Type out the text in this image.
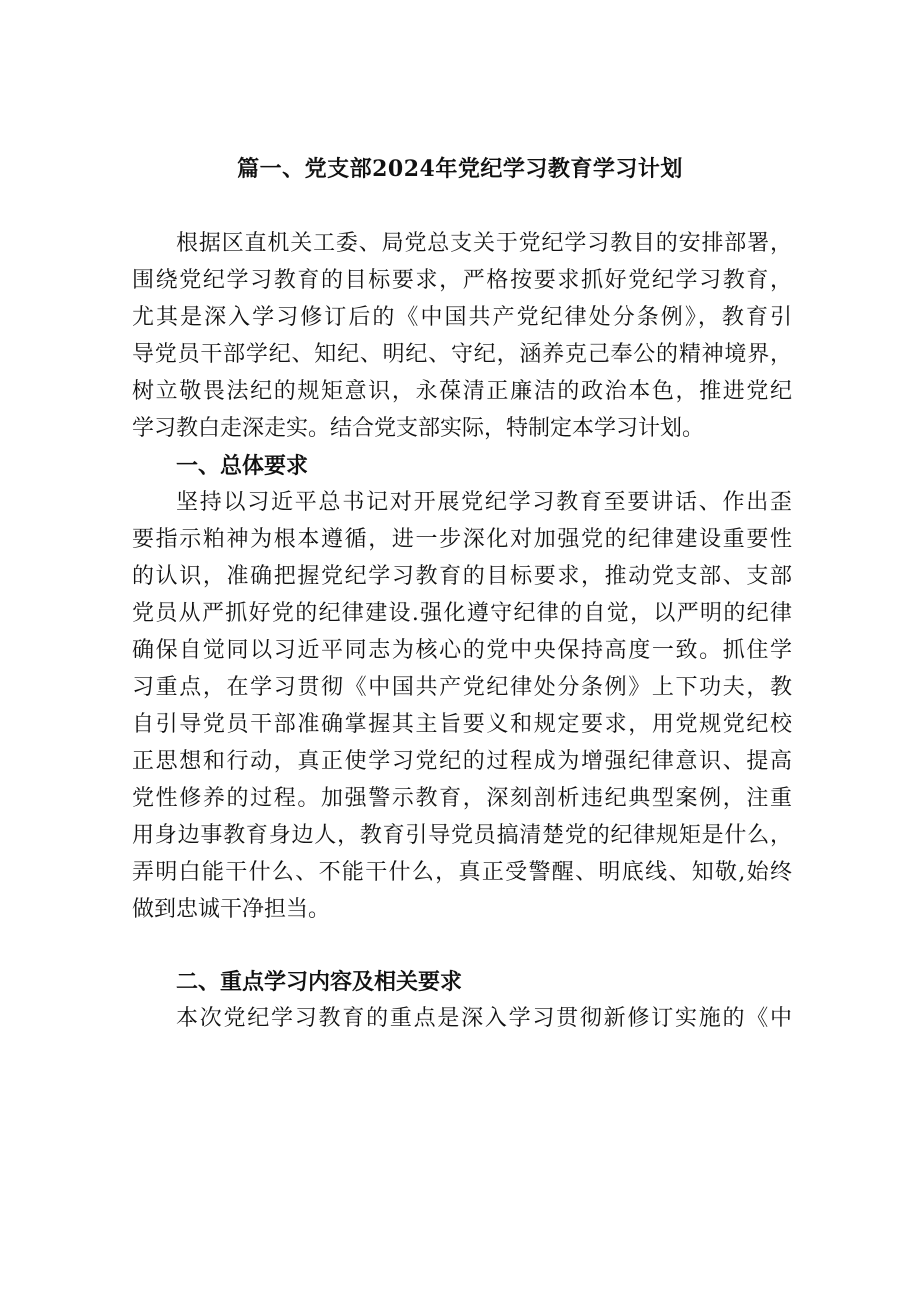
篇一、党支部2024年党纪学习教育学习计划
根据区直机关工委、局党总支关于党纪学习教目的安排部署，
围绕党纪学习教育的目标要求，严格按要求抓好党纪学习教育，
尤其是深入学习修订后的《中国共产党纪律处分条例》，教育引
导党员干部学纪、知纪、明纪、守纪，涵养克己奉公的精神境界，
树立敬畏法纪的规矩意识，永葆清正廉洁的政治本色，推进党纪
学习教白走深走实。结合党支部实际，特制定本学习计划。
一、总体要求
坚持以习近平总书记对开展党纪学习教育至要讲话、作出歪
要指示粕神为根本遵循，进一步深化对加强党的纪律建设重要性
的认识，准确把握党纪学习教育的目标要求，推动党支部、支部
党员从严抓好党的纪律建设.强化遵守纪律的自觉，以严明的纪律
确保自觉同以习近平同志为核心的党中央保持高度一致。抓住学
习重点，在学习贯彻《中国共产党纪律处分条例》上下功夫，教
自引导党员干部准确掌握其主旨要义和规定要求，用党规党纪校
正思想和行动，真正使学习党纪的过程成为增强纪律意识、提高
党性修养的过程。加强警示教育，深刻剖析违纪典型案例，注重
用身边事教育身边人，教育引导党员搞清楚党的纪律规矩是什么，
弄明白能干什么、不能干什么，真正受警醒、明底线、知敬,始终
做到忠诚干净担当。
二、重点学习内容及相关要求
本次党纪学习教育的重点是深入学习贯彻新修订实施的《中
